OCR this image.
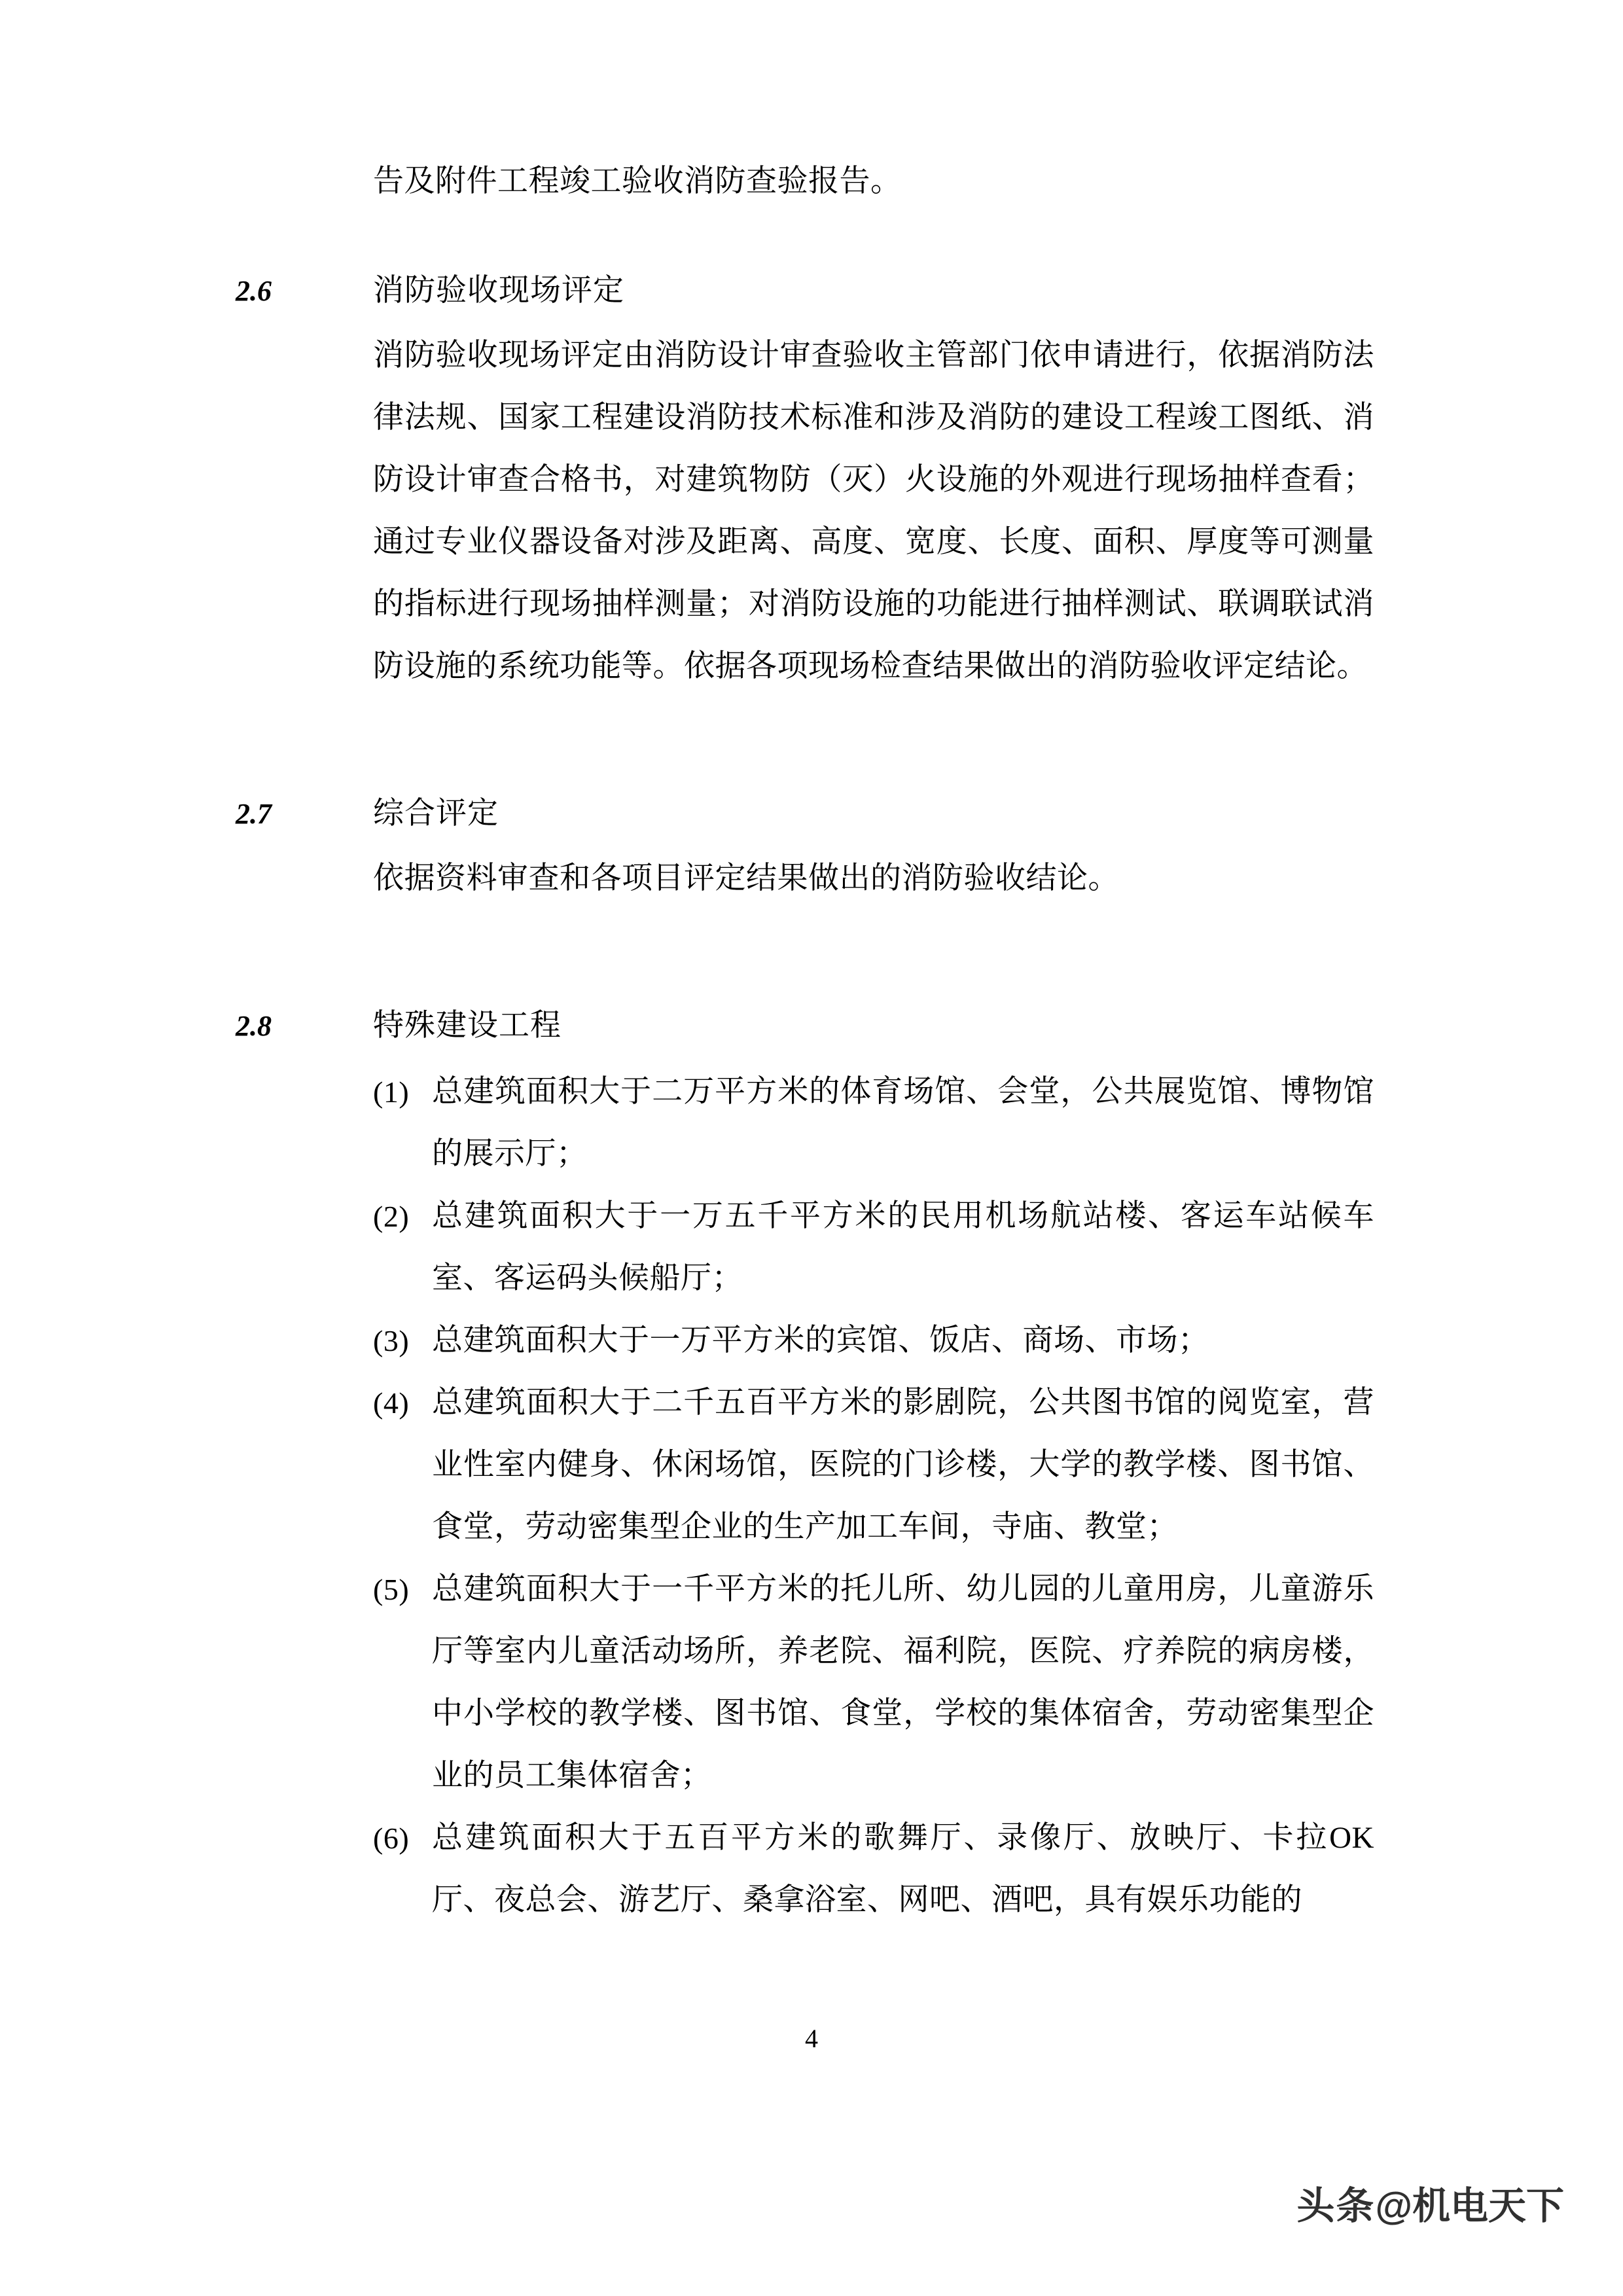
告及附件工程竣工验收消防查验报告。

2.6	消防验收现场评定

消防验收现场评定由消防设计审查验收主管部门依申请进行，依据消防法律法规、国家工程建设消防技术标准和涉及消防的建设工程竣工图纸、消防设计审查合格书，对建筑物防（灭）火设施的外观进行现场抽样查看；通过专业仪器设备对涉及距离、高度、宽度、长度、面积、厚度等可测量的指标进行现场抽样测量；对消防设施的功能进行抽样测试、联调联试消防设施的系统功能等。依据各项现场检查结果做出的消防验收评定结论。

2.7	综合评定

依据资料审查和各项目评定结果做出的消防验收结论。

2.8	特殊建设工程
(1) 总建筑面积大于二万平方米的体育场馆、会堂，公共展览馆、博物馆的展示厅；
(2) 总建筑面积大于一万五千平方米的民用机场航站楼、客运车站候车室、客运码头候船厅；
(3) 总建筑面积大于一万平方米的宾馆、饭店、商场、市场；
(4) 总建筑面积大于二千五百平方米的影剧院，公共图书馆的阅览室，营业性室内健身、休闲场馆，医院的门诊楼，大学的教学楼、图书馆、食堂，劳动密集型企业的生产加工车间，寺庙、教堂；
(5) 总建筑面积大于一千平方米的托儿所、幼儿园的儿童用房，儿童游乐厅等室内儿童活动场所，养老院、福利院，医院、疗养院的病房楼，中小学校的教学楼、图书馆、食堂，学校的集体宿舍，劳动密集型企业的员工集体宿舍；
(6) 总建筑面积大于五百平方米的歌舞厅、录像厅、放映厅、卡拉OK厅、夜总会、游艺厅、桑拿浴室、网吧、酒吧，具有娱乐功能的
4
头条@机电天下
